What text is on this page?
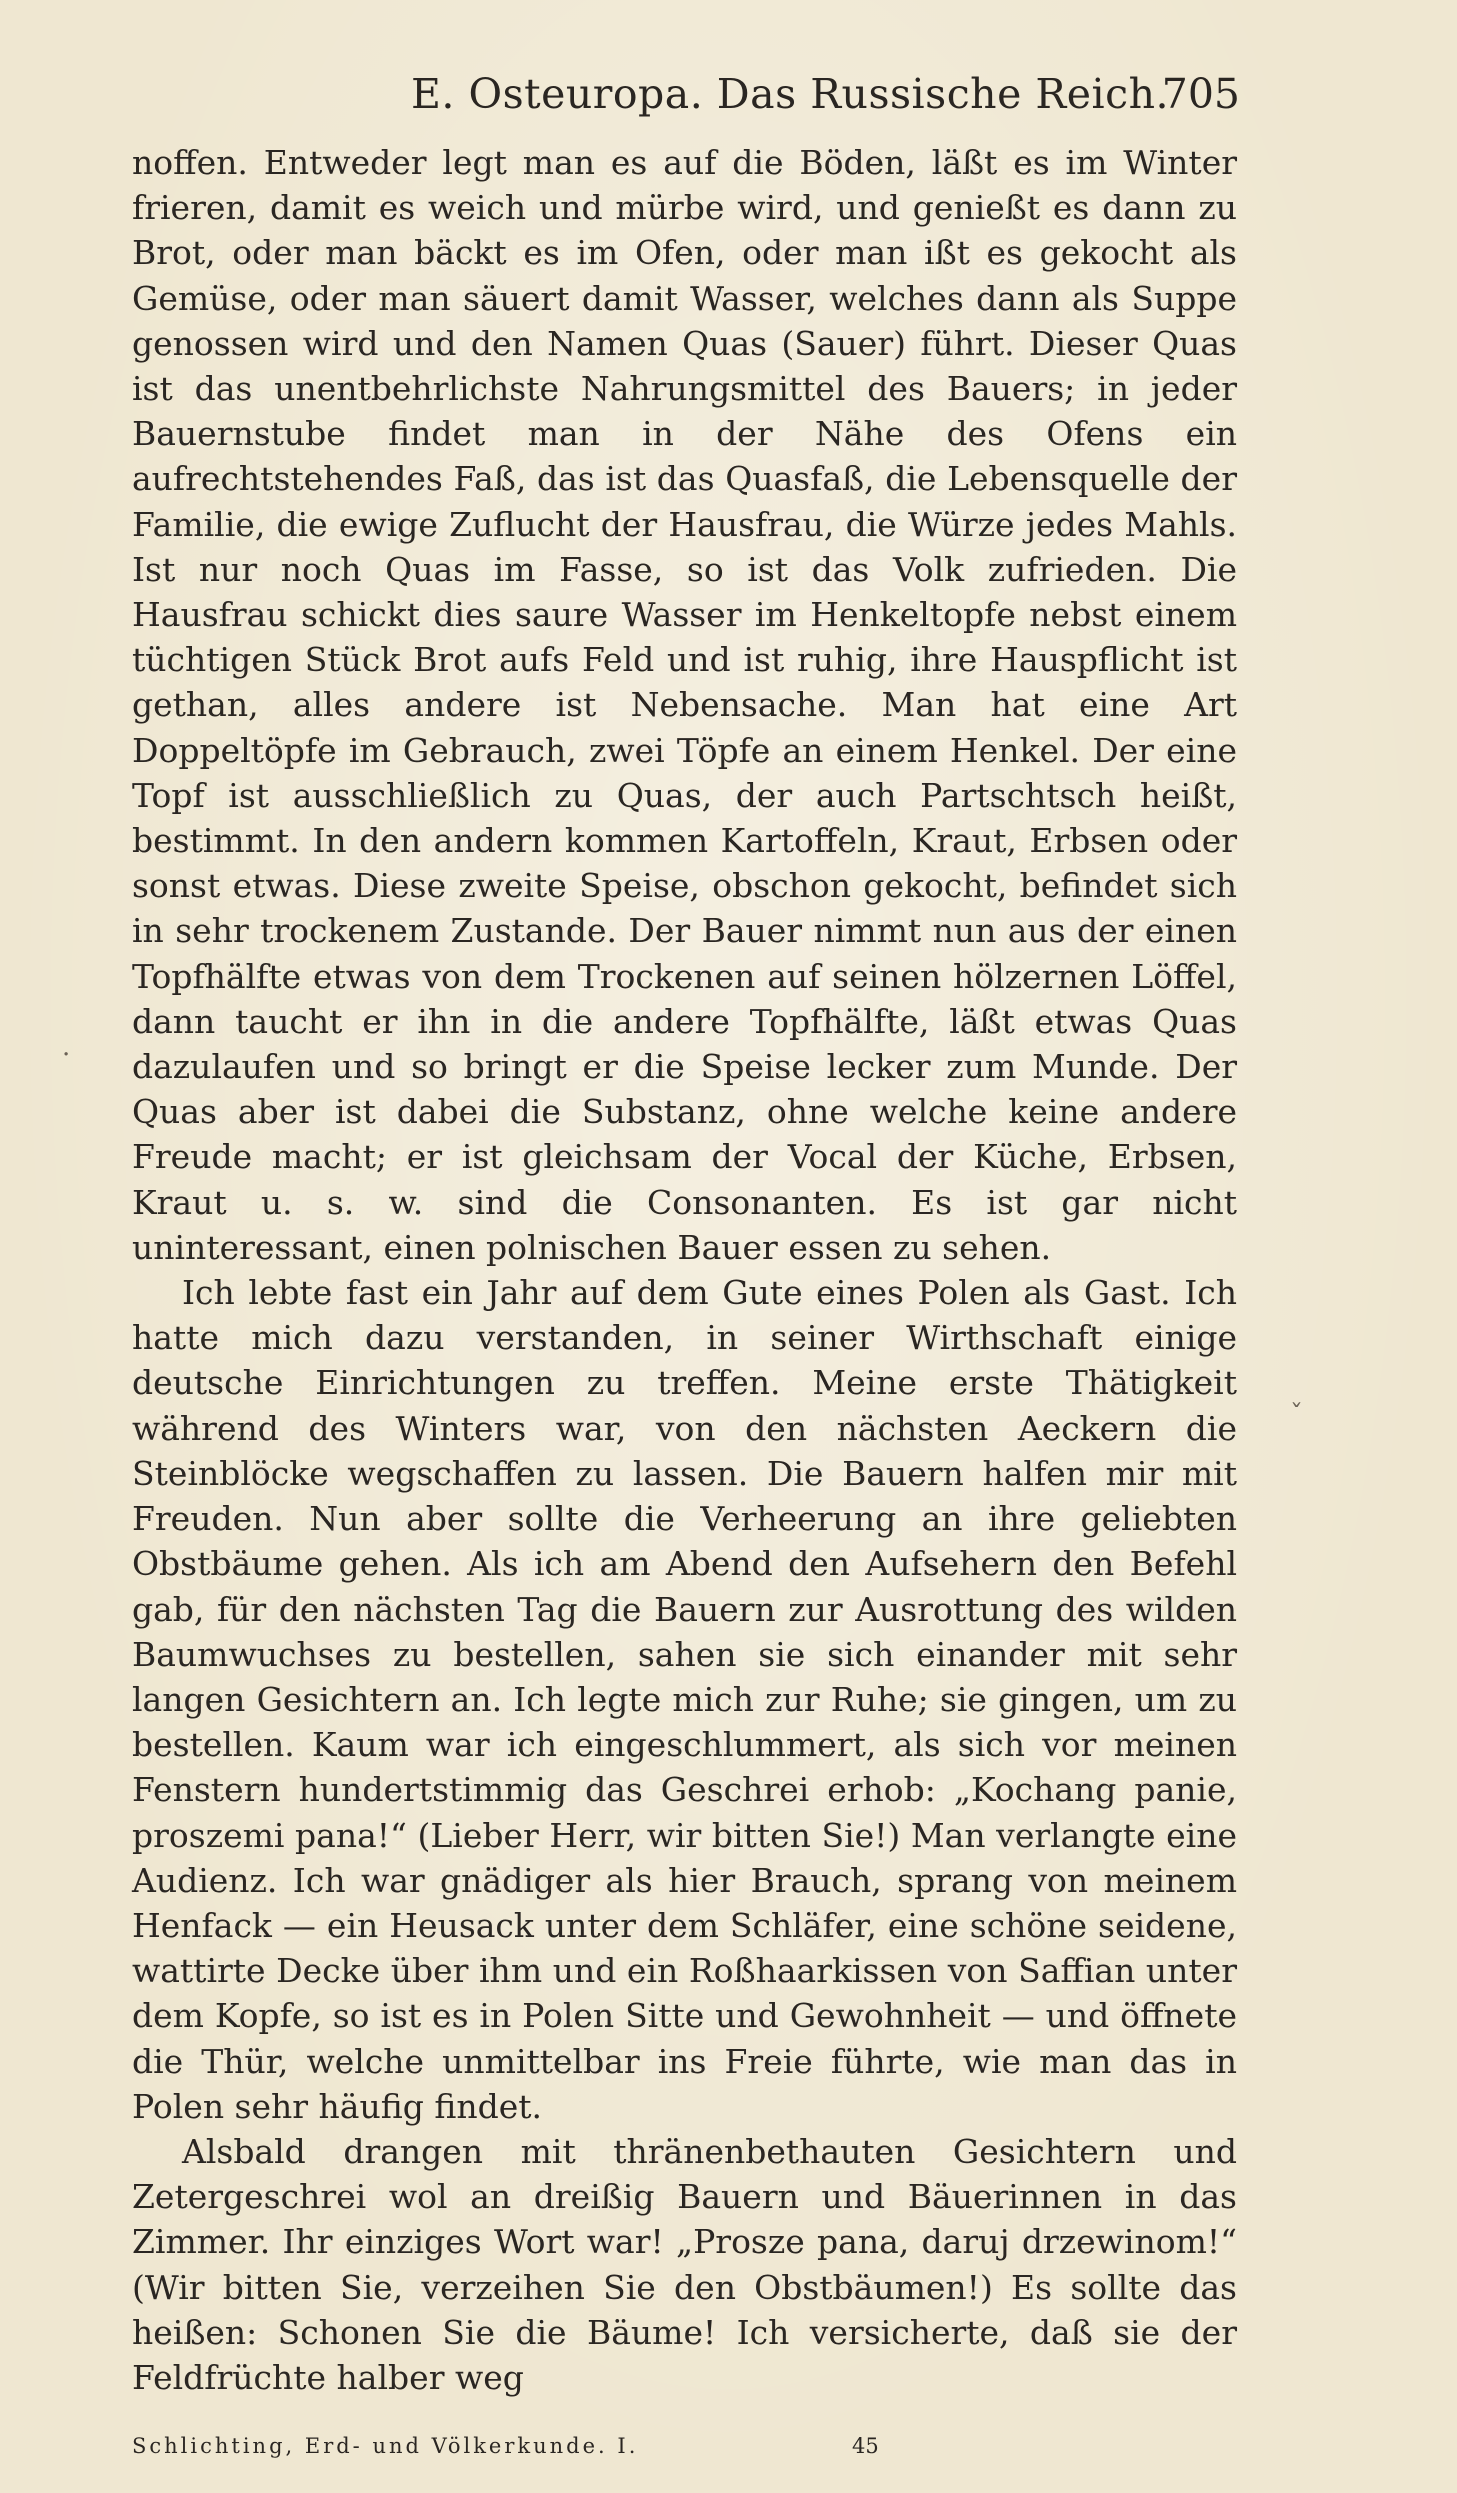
E. Osteuropa. Das Russische Reich.
705

noffen. Entweder legt man es auf die Böden, läßt es im Winter frieren, damit es weich und mürbe wird, und genießt es dann zu Brot, oder man bäckt es im Ofen, oder man ißt es gekocht als Gemüse, oder man säuert damit Wasser, welches dann als Suppe genossen wird und den Namen Quas (Sauer) führt. Dieser Quas ist das unentbehrlichste Nahrungsmittel des Bauers; in jeder Bauernstube findet man in der Nähe des Ofens ein aufrechtstehendes Faß, das ist das Quasfaß, die Lebensquelle der Familie, die ewige Zuflucht der Hausfrau, die Würze jedes Mahls. Ist nur noch Quas im Fasse, so ist das Volk zufrieden. Die Hausfrau schickt dies saure Wasser im Henkeltopfe nebst einem tüchtigen Stück Brot aufs Feld und ist ruhig, ihre Hauspflicht ist gethan, alles andere ist Nebensache. Man hat eine Art Doppeltöpfe im Gebrauch, zwei Töpfe an einem Henkel. Der eine Topf ist ausschließlich zu Quas, der auch Partschtsch heißt, bestimmt. In den andern kommen Kartoffeln, Kraut, Erbsen oder sonst etwas. Diese zweite Speise, obschon gekocht, befindet sich in sehr trockenem Zustande. Der Bauer nimmt nun aus der einen Topfhälfte etwas von dem Trockenen auf seinen hölzernen Löffel, dann taucht er ihn in die andere Topfhälfte, läßt etwas Quas dazulaufen und so bringt er die Speise lecker zum Munde. Der Quas aber ist dabei die Substanz, ohne welche keine andere Freude macht; er ist gleichsam der Vocal der Küche, Erbsen, Kraut u. s. w. sind die Consonanten. Es ist gar nicht uninteressant, einen polnischen Bauer essen zu sehen.

Ich lebte fast ein Jahr auf dem Gute eines Polen als Gast. Ich hatte mich dazu verstanden, in seiner Wirthschaft einige deutsche Einrichtungen zu treffen. Meine erste Thätigkeit während des Winters war, von den nächsten Aeckern die Steinblöcke wegschaffen zu lassen. Die Bauern halfen mir mit Freuden. Nun aber sollte die Verheerung an ihre geliebten Obstbäume gehen. Als ich am Abend den Aufsehern den Befehl gab, für den nächsten Tag die Bauern zur Ausrottung des wilden Baumwuchses zu bestellen, sahen sie sich einander mit sehr langen Gesichtern an. Ich legte mich zur Ruhe; sie gingen, um zu bestellen. Kaum war ich eingeschlummert, als sich vor meinen Fenstern hundertstimmig das Geschrei erhob: „Kochang panie, proszemi pana!“ (Lieber Herr, wir bitten Sie!) Man verlangte eine Audienz. Ich war gnädiger als hier Brauch, sprang von meinem Henfack — ein Heusack unter dem Schläfer, eine schöne seidene, wattirte Decke über ihm und ein Roßhaarkissen von Saffian unter dem Kopfe, so ist es in Polen Sitte und Gewohnheit — und öffnete die Thür, welche unmittelbar ins Freie führte, wie man das in Polen sehr häufig findet.

Alsbald drangen mit thränenbethauten Gesichtern und Zetergeschrei wol an dreißig Bauern und Bäuerinnen in das Zimmer. Ihr einziges Wort war! „Prosze pana, daruj drzewinom!“ (Wir bitten Sie, verzeihen Sie den Obstbäumen!) Es sollte das heißen: Schonen Sie die Bäume! Ich versicherte, daß sie der Feldfrüchte halber weg

Schlichting, Erd- und Völkerkunde. I.	45
ˇ
·
